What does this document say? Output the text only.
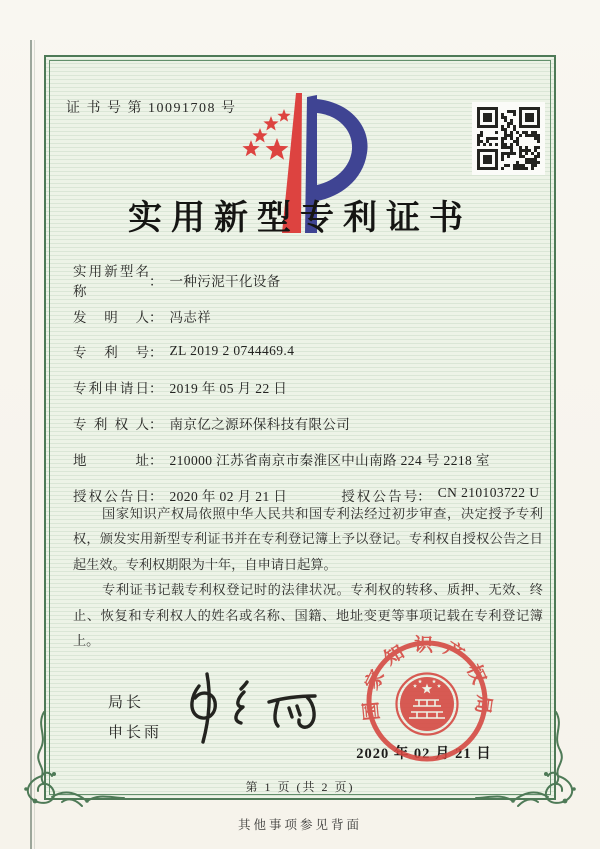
证 书 号 第 10091708 号
实用新型专利证书
实用新型名称
： 一种污泥干化设备
发明人 ： 冯志祥
专利号 ： ZL 2019 2 0744469.4
专利申请日 ： 2019 年 05 月 22 日
专利权人 ： 南京亿之源环保科技有限公司
地址 ： 210000 江苏省南京市秦淮区中山南路 224 号 2218 室
授权公告日 ： 2020 年 02 月 21 日	授权公告号 ： CN 210103722 U

国家知识产权局依照中华人民共和国专利法经过初步审查，决定授予专利权，颁发实用新型专利证书并在专利登记簿上予以登记。专利权自授权公告之日起生效。专利权期限为十年，自申请日起算。

专利证书记载专利权登记时的法律状况。专利权的转移、质押、无效、终止、恢复和专利权人的姓名或名称、国籍、地址变更等事项记载在专利登记簿上。

局长
申长雨
2020 年 02 月 21 日
国家知识产权局
第 1 页 (共 2 页)
其他事项参见背面
